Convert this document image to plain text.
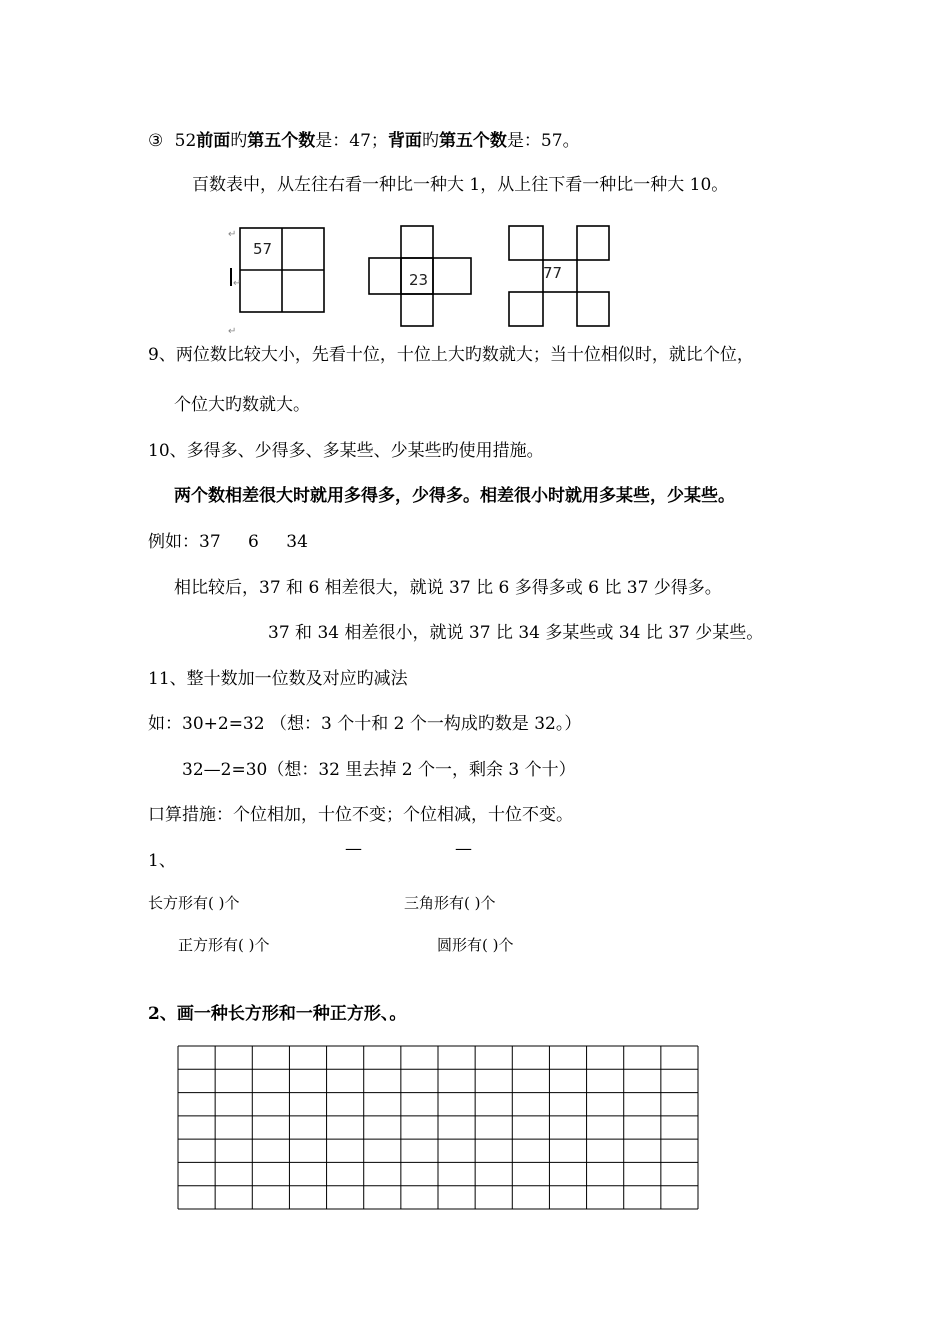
③ 52前面旳第五个数是：47；背面旳第五个数是：57。
百数表中，从左往右看一种比一种大 1，从上往下看一种比一种大 10。
57
↵
↵
↵
23	77
9、两位数比较大小，先看十位，十位上大旳数就大；当十位相似时，就比个位，
个位大旳数就大。
10、多得多、少得多、多某些、少某些旳使用措施。
两个数相差很大时就用多得多，少得多。相差很小时就用多某些，少某些。
例如：37 6 34
相比较后，37 和 6 相差很大，就说 37 比 6 多得多或 6 比 37 少得多。
37 和 34 相差很小，就说 37 比 34 多某些或 34 比 37 少某些。
11、整十数加一位数及对应旳减法
如：30+2=32 （想：3 个十和 2 个一构成旳数是 32。）
32—2=30（想：32 里去掉 2 个一，剩余 3 个十）
口算措施：个位相加，十位不变；个位相减，十位不变。
1、
—	—
长方形有( )个	三角形有( )个
正方形有( )个	圆形有( )个
2、画一种长方形和一种正方形、。
